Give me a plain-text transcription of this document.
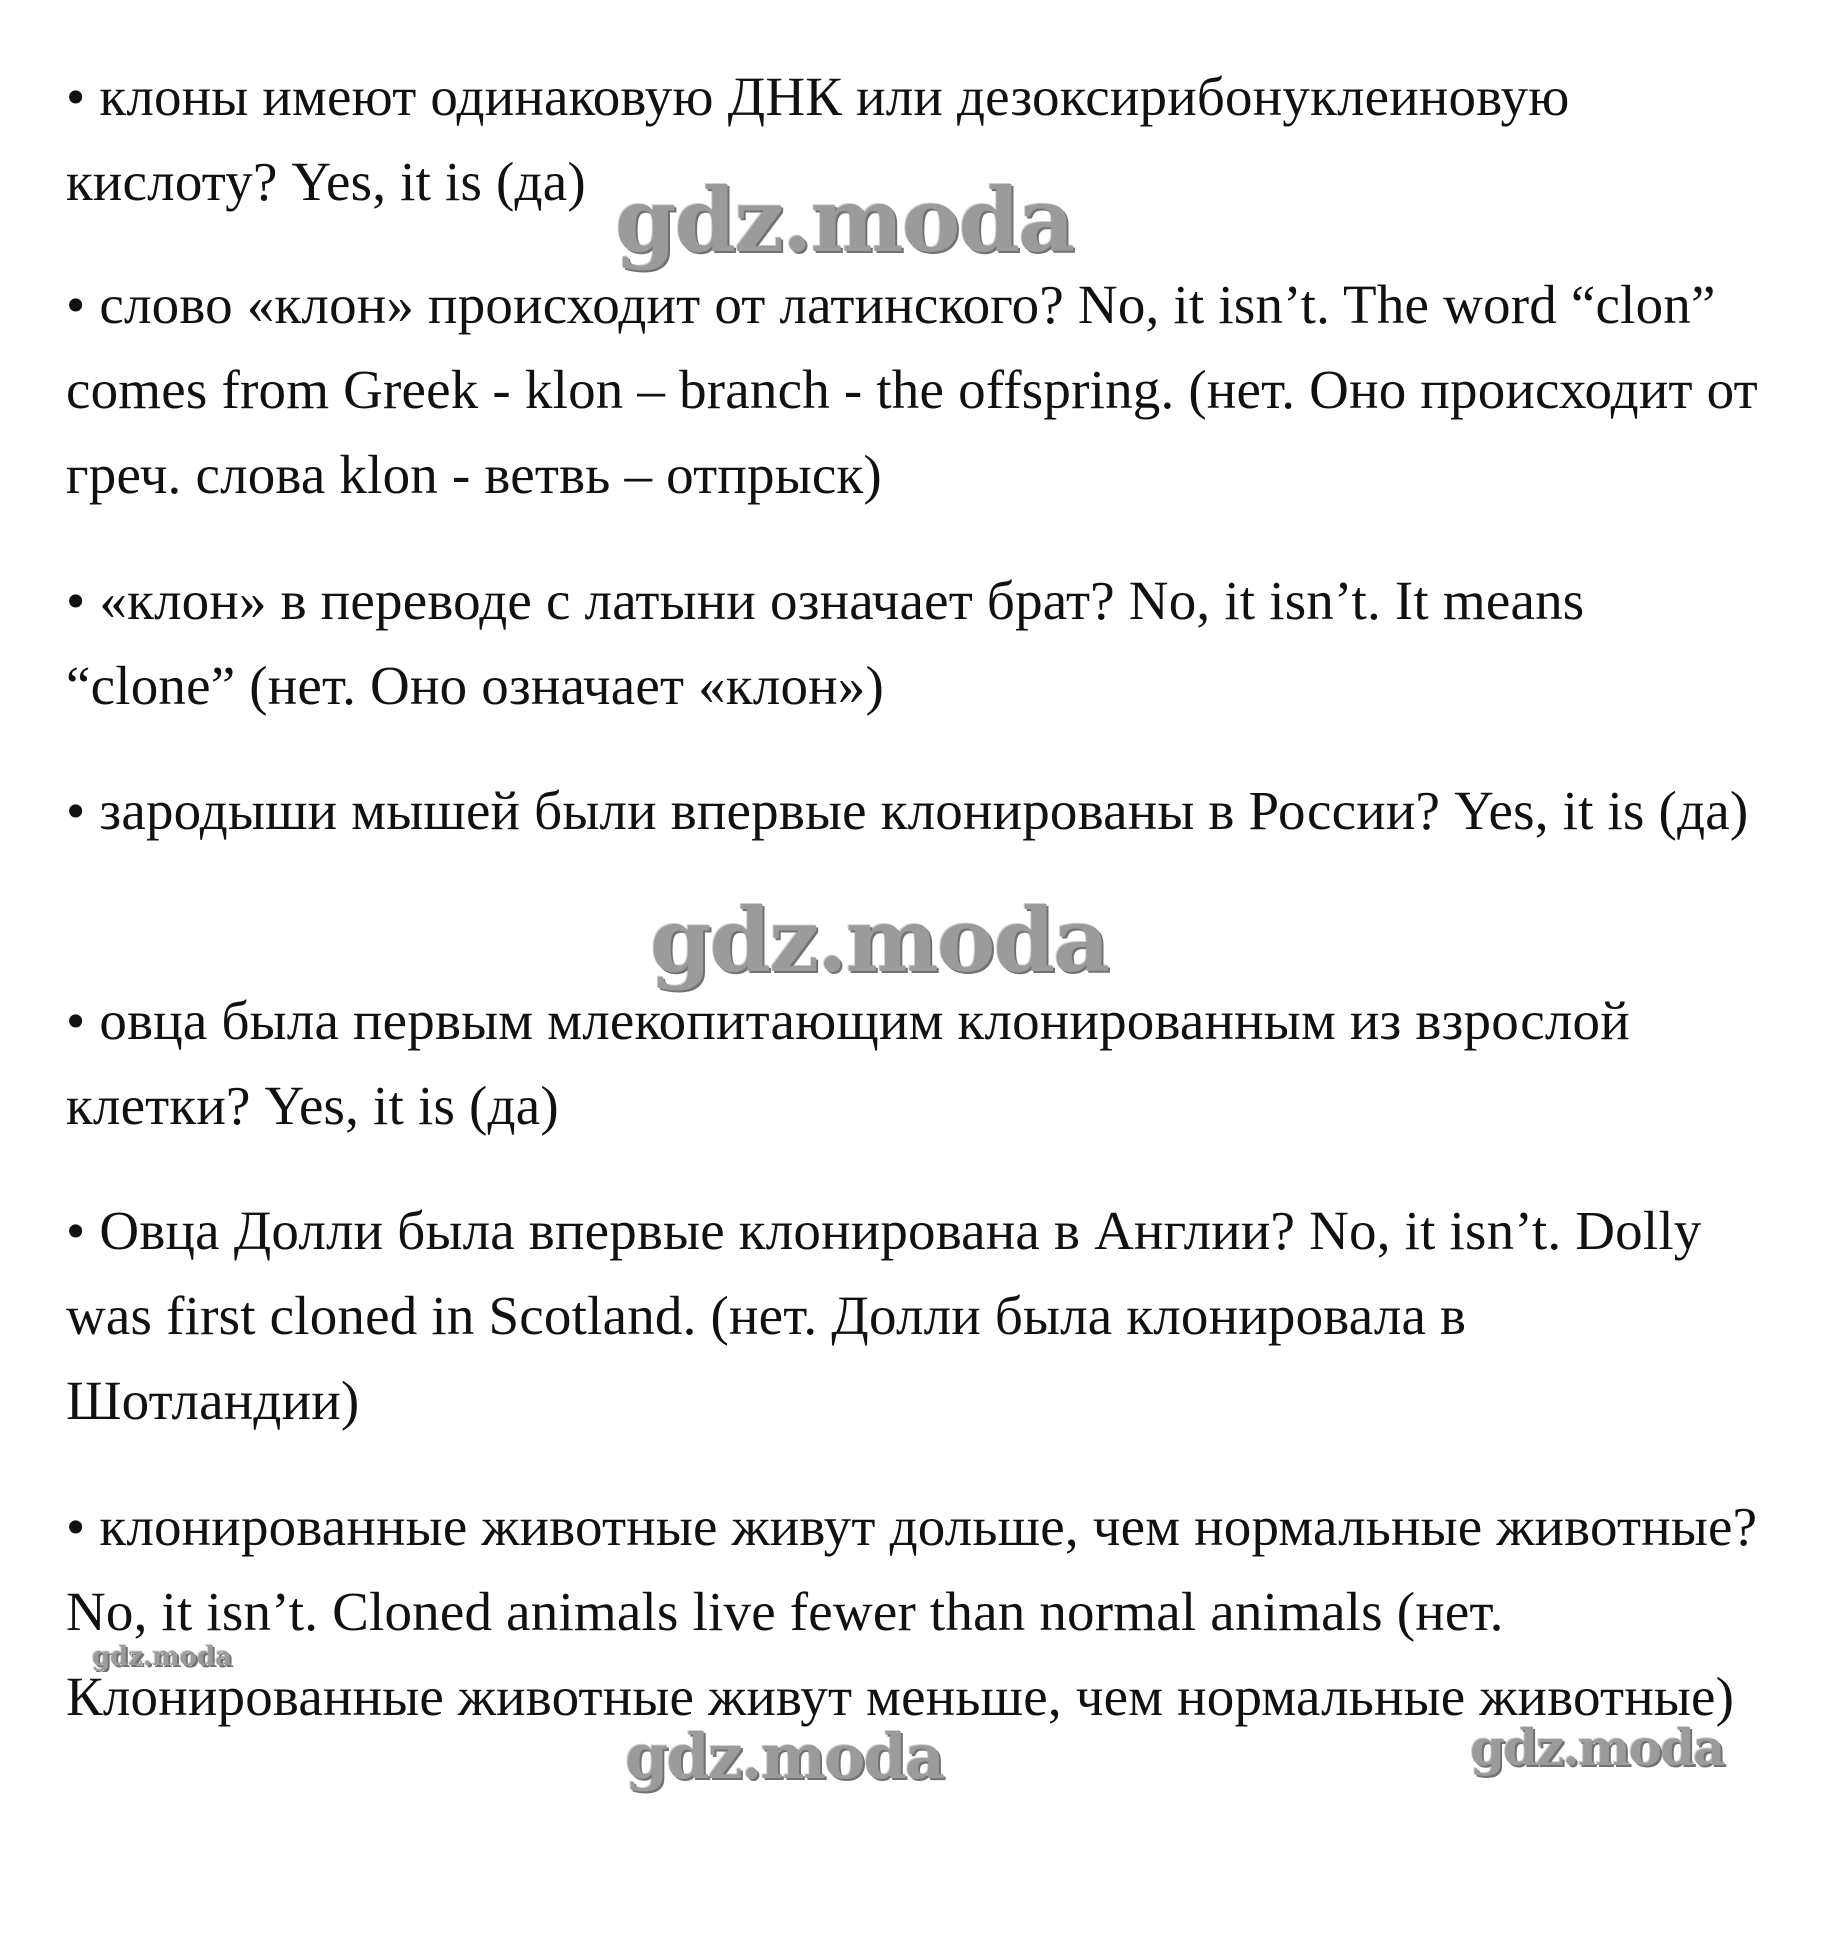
• клоны имеют одинаковую ДНК или дезоксирибонуклеиновую кислоту? Yes, it is (да)

• слово «клон» происходит от латинского? No, it isn’t. The word “clon” comes from Greek - klon – branch - the offspring. (нет. Оно происходит от греч. слова klon - ветвь – отпрыск)

• «клон» в переводе с латыни означает брат? No, it isn’t. It means “clone” (нет. Оно означает «клон»)

• зародыши мышей были впервые клонированы в России? Yes, it is (да)

• овца была первым млекопитающим клонированным из взрослой клетки? Yes, it is (да)

• Овца Долли была впервые клонирована в Англии? No, it isn’t. Dolly was first cloned in Scotland. (нет. Долли была клонировала в Шотландии)

• клонированные животные живут дольше, чем нормальные животные? No, it isn’t. Cloned animals live fewer than normal animals (нет. Клонированные животные живут меньше, чем нормальные животные)

gdz.moda
gdz.moda
gdz.moda
gdz.moda	gdz.moda
